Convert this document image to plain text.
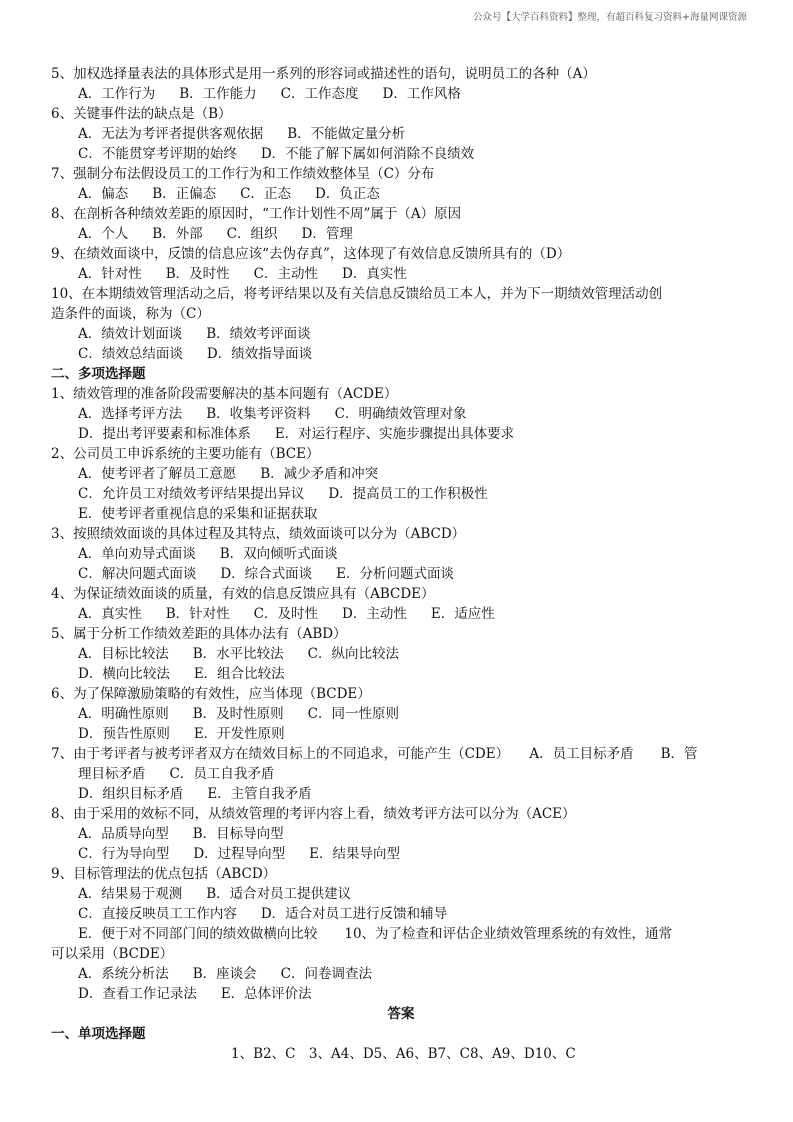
公众号【大学百科资料】整理，有超百科复习资料+海量网课资源
5、加权选择量表法的具体形式是用一系列的形容词或描述性的语句，说明员工的各种（A）
A．工作行为 B．工作能力 C．工作态度 D．工作风格
6、关键事件法的缺点是（B）
A．无法为考评者提供客观依据 B．不能做定量分析
C．不能贯穿考评期的始终 D．不能了解下属如何消除不良绩效
7、强制分布法假设员工的工作行为和工作绩效整体呈（C）分布
A．偏态 B．正偏态 C．正态 D．负正态
8、在剖析各种绩效差距的原因时，“工作计划性不周”属于（A）原因
A．个人 B．外部 C．组织 D．管理
9、在绩效面谈中，反馈的信息应该“去伪存真”，这体现了有效信息反馈所具有的（D）
A．针对性 B．及时性 C．主动性 D．真实性
10、在本期绩效管理活动之后，将考评结果以及有关信息反馈给员工本人，并为下一期绩效管理活动创
造条件的面谈，称为（C）
A．绩效计划面谈 B．绩效考评面谈
C．绩效总结面谈 D．绩效指导面谈
二、多项选择题
1、绩效管理的准备阶段需要解决的基本问题有（ACDE）
A．选择考评方法 B．收集考评资料 C．明确绩效管理对象
D．提出考评要素和标准体系 E．对运行程序、实施步骤提出具体要求
2、公司员工申诉系统的主要功能有（BCE）
A．使考评者了解员工意愿 B．减少矛盾和冲突
C．允许员工对绩效考评结果提出异议 D．提高员工的工作积极性
E．使考评者重视信息的采集和证据获取
3、按照绩效面谈的具体过程及其特点，绩效面谈可以分为（ABCD）
A．单向劝导式面谈 B．双向倾听式面谈
C．解决问题式面谈 D．综合式面谈 E．分析问题式面谈
4、为保证绩效面谈的质量，有效的信息反馈应具有（ABCDE）
A．真实性 B．针对性 C．及时性 D．主动性 E．适应性
5、属于分析工作绩效差距的具体办法有（ABD）
A．目标比较法 B．水平比较法 C．纵向比较法
D．横向比较法 E．组合比较法
6、为了保障激励策略的有效性，应当体现（BCDE）
A．明确性原则 B．及时性原则 C．同一性原则
D．预告性原则 E．开发性原则
7、由于考评者与被考评者双方在绩效目标上的不同追求，可能产生（CDE）　　A．员工目标矛盾　　B．管
理目标矛盾 C．员工自我矛盾
D．组织目标矛盾 E．主管自我矛盾
8、由于采用的效标不同，从绩效管理的考评内容上看，绩效考评方法可以分为（ACE）
A．品质导向型 B．目标导向型
C．行为导向型 D．过程导向型 E．结果导向型
9、目标管理法的优点包括（ABCD）
A．结果易于观测 B．适合对员工提供建议
C．直接反映员工工作内容 D．适合对员工进行反馈和辅导
E．便于对不同部门间的绩效做横向比较　　10、为了检查和评估企业绩效管理系统的有效性，通常
可以采用（BCDE）
A．系统分析法 B．座谈会 C．问卷调查法
D．查看工作记录法 E．总体评价法
答案
一、单项选择题
1、B2、C　3、A4、D5、A6、B7、C8、A9、D10、C
